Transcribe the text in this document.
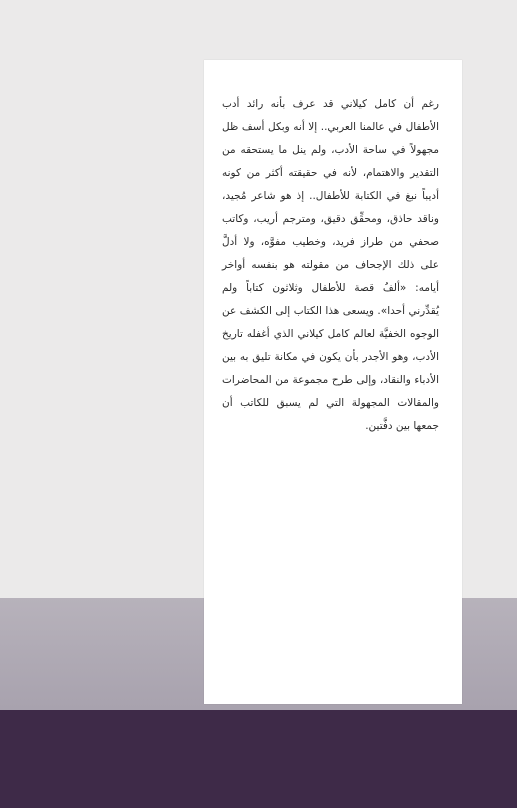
رغم أن كامل كيلاني قد عرف بأنه رائد أدب الأطفال في عالمنا العربي.. إلا أنه وبكل أسف ظل مجهولاً في ساحة الأدب، ولم ينل ما يستحقه من التقدير والاهتمام، لأنه في حقيقته أكثر من كونه أديباً نبغ في الكتابة للأطفال.. إذ هو شاعر مُجيد، وناقد حاذق، ومحقِّق دقيق، ومترجم أريب، وكاتب صحفي من طراز فريد، وخطيب مفوَّه، ولا أدلَّ على ذلك الإجحاف من مقولته هو بنفسه أواخر أيامه: «ألفُ قصة للأطفال وثلاثون كتاباً ولم يُقدِّرني أحدا». ويسعى هذا الكتاب إلى الكشف عن الوجوه الخفيَّة لعالم كامل كيلاني الذي أغفله تاريخ الأدب، وهو الأجدر بأن يكون في مكانة تليق به بين الأدباء والنقاد، وإلى طرح مجموعة من المحاضرات والمقالات المجهولة التي لم يسبق للكاتب أن جمعها بين دفَّتين.
